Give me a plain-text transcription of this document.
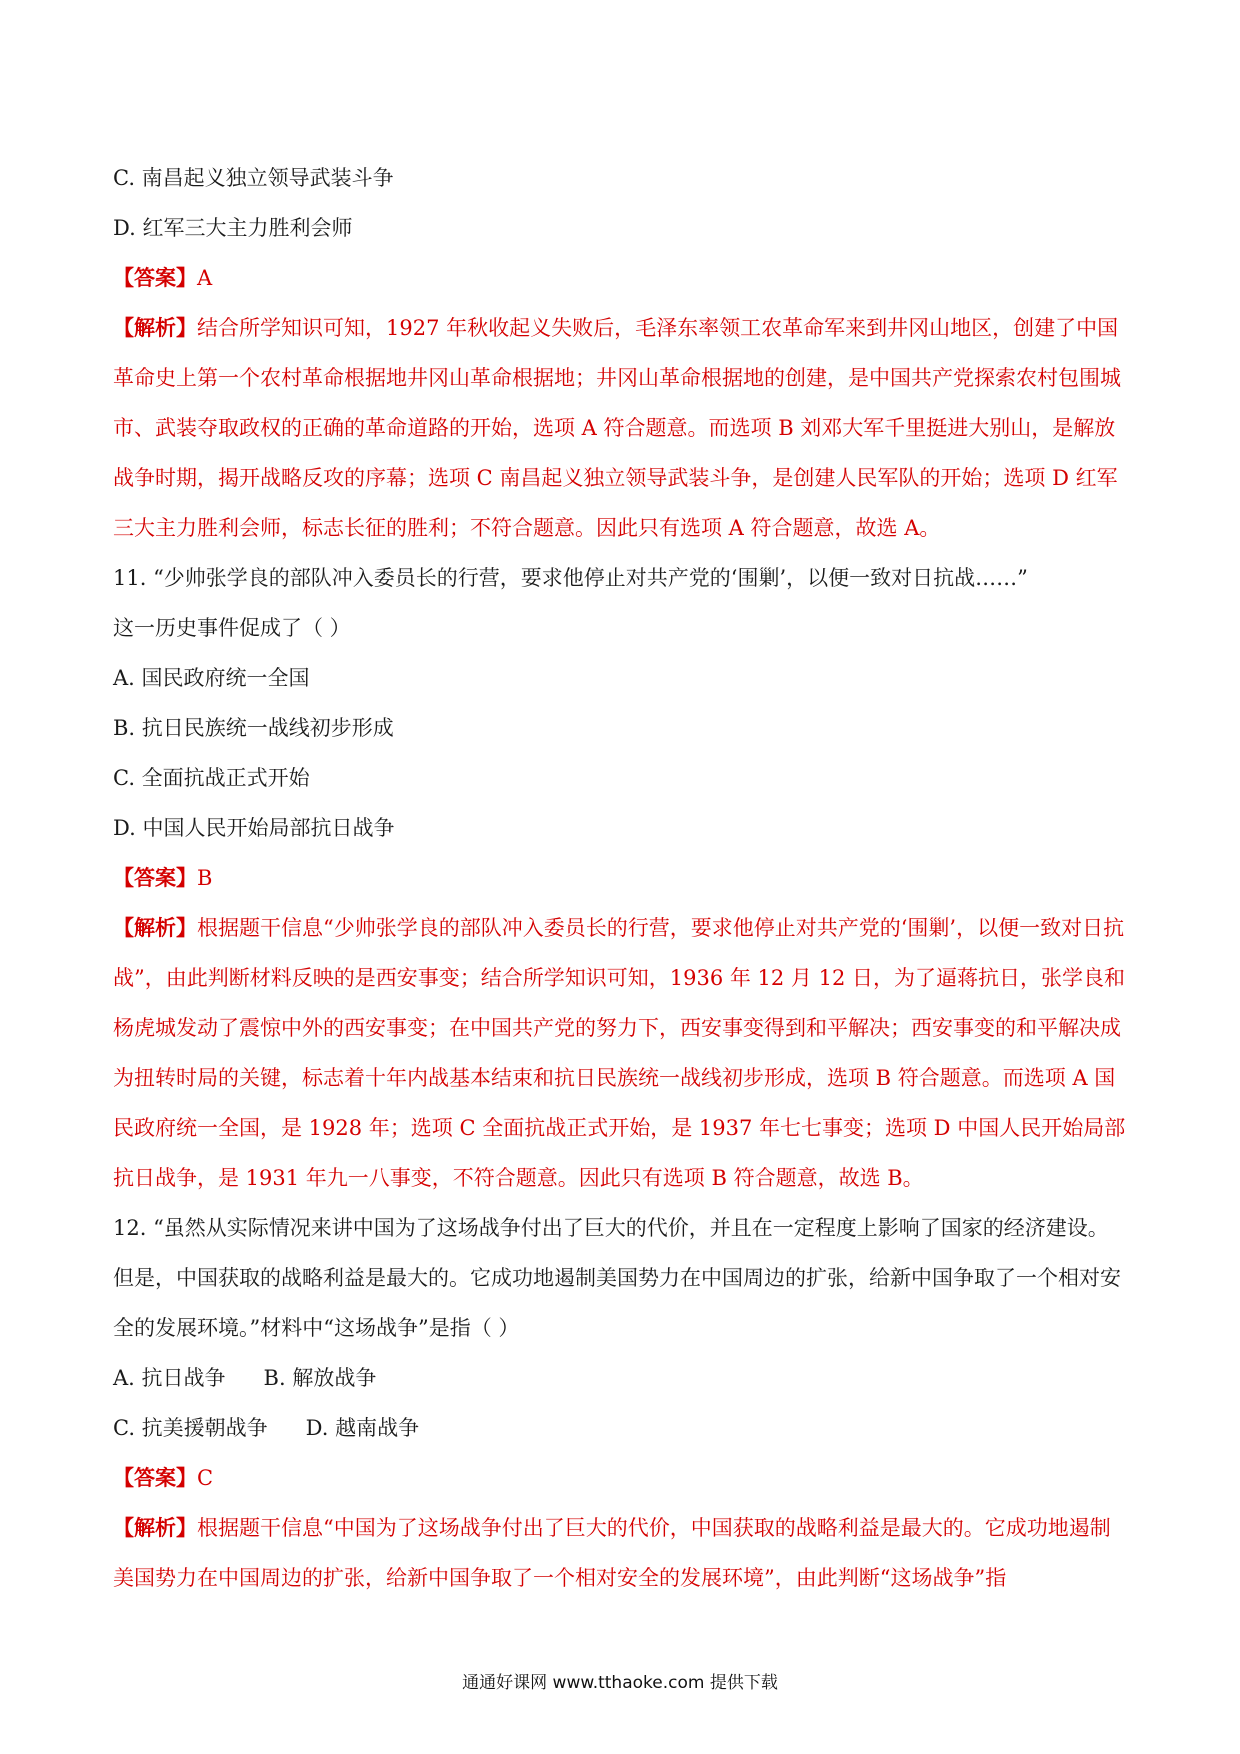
C. 南昌起义独立领导武装斗争
D. 红军三大主力胜利会师
【答案】A
【解析】结合所学知识可知，1927 年秋收起义失败后，毛泽东率领工农革命军来到井冈山地区，创建了中国革命史上第一个农村革命根据地井冈山革命根据地；井冈山革命根据地的创建，是中国共产党探索农村包围城市、武装夺取政权的正确的革命道路的开始，选项 A 符合题意。而选项 B 刘邓大军千里挺进大别山，是解放战争时期，揭开战略反攻的序幕；选项 C 南昌起义独立领导武装斗争，是创建人民军队的开始；选项 D 红军三大主力胜利会师，标志长征的胜利；不符合题意。因此只有选项 A 符合题意，故选 A。
11. “少帅张学良的部队冲入委员长的行营，要求他停止对共产党的‘围剿’，以便一致对日抗战……”
这一历史事件促成了（ ）
A. 国民政府统一全国
B. 抗日民族统一战线初步形成
C. 全面抗战正式开始
D. 中国人民开始局部抗日战争
【答案】B
【解析】根据题干信息“少帅张学良的部队冲入委员长的行营，要求他停止对共产党的‘围剿’，以便一致对日抗战”，由此判断材料反映的是西安事变；结合所学知识可知，1936 年 12 月 12 日，为了逼蒋抗日，张学良和杨虎城发动了震惊中外的西安事变；在中国共产党的努力下，西安事变得到和平解决；西安事变的和平解决成为扭转时局的关键，标志着十年内战基本结束和抗日民族统一战线初步形成，选项 B 符合题意。而选项 A 国民政府统一全国，是 1928 年；选项 C 全面抗战正式开始，是 1937 年七七事变；选项 D 中国人民开始局部抗日战争，是 1931 年九一八事变，不符合题意。因此只有选项 B 符合题意，故选 B。
12. “虽然从实际情况来讲中国为了这场战争付出了巨大的代价，并且在一定程度上影响了国家的经济建设。但是，中国获取的战略利益是最大的。它成功地遏制美国势力在中国周边的扩张，给新中国争取了一个相对安全的发展环境。”材料中“这场战争”是指（ ）
A. 抗日战争 B. 解放战争
C. 抗美援朝战争 D. 越南战争
【答案】C
【解析】根据题干信息“中国为了这场战争付出了巨大的代价，中国获取的战略利益是最大的。它成功地遏制美国势力在中国周边的扩张，给新中国争取了一个相对安全的发展环境”，由此判断“这场战争”指
通通好课网 www.tthaoke.com 提供下载
